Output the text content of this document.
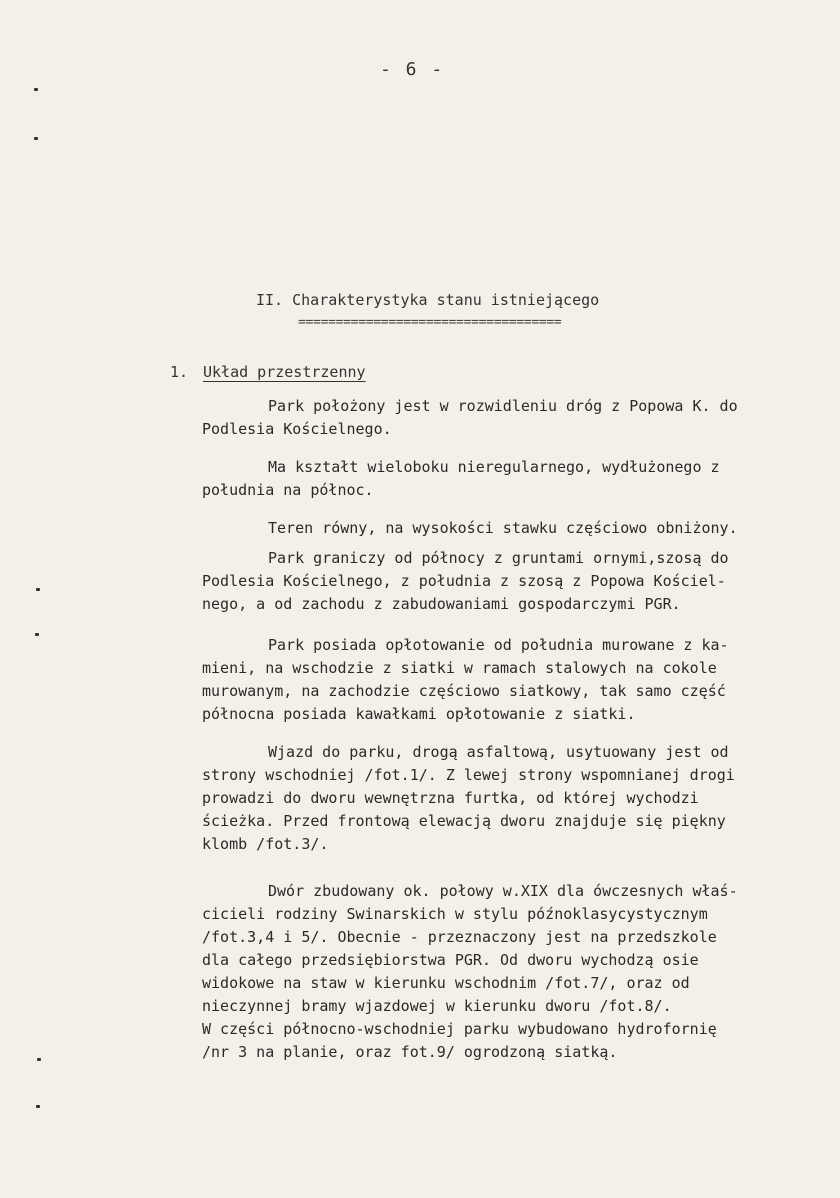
- 6 -
II. Charakterystyka stanu istniejącego
===================================
1. Układ przestrzenny
Park położony jest w rozwidleniu dróg z Popowa K. do
Podlesia Kościelnego.
Ma kształt wieloboku nieregularnego, wydłużonego z
południa na północ.
Teren równy, na wysokości stawku częściowo obniżony.
Park graniczy od północy z gruntami ornymi,szosą do
Podlesia Kościelnego, z południa z szosą z Popowa Kościel-
nego, a od zachodu z zabudowaniami gospodarczymi PGR.
Park posiada opłotowanie od południa murowane z ka-
mieni, na wschodzie z siatki w ramach stalowych na cokole
murowanym, na zachodzie częściowo siatkowy, tak samo część
północna posiada kawałkami opłotowanie z siatki.
Wjazd do parku, drogą asfaltową, usytuowany jest od
strony wschodniej /fot.1/. Z lewej strony wspomnianej drogi
prowadzi do dworu wewnętrzna furtka, od której wychodzi
ścieżka. Przed frontową elewacją dworu znajduje się piękny
klomb /fot.3/.
Dwór zbudowany ok. połowy w.XIX dla ówczesnych właś-
cicieli rodziny Swinarskich w stylu późnoklasycystycznym
/fot.3,4 i 5/. Obecnie - przeznaczony jest na przedszkole
dla całego przedsiębiorstwa PGR. Od dworu wychodzą osie
widokowe na staw w kierunku wschodnim /fot.7/, oraz od
nieczynnej bramy wjazdowej w kierunku dworu /fot.8/.
W części północno-wschodniej parku wybudowano hydrofornię
/nr 3 na planie, oraz fot.9/ ogrodzoną siatką.
